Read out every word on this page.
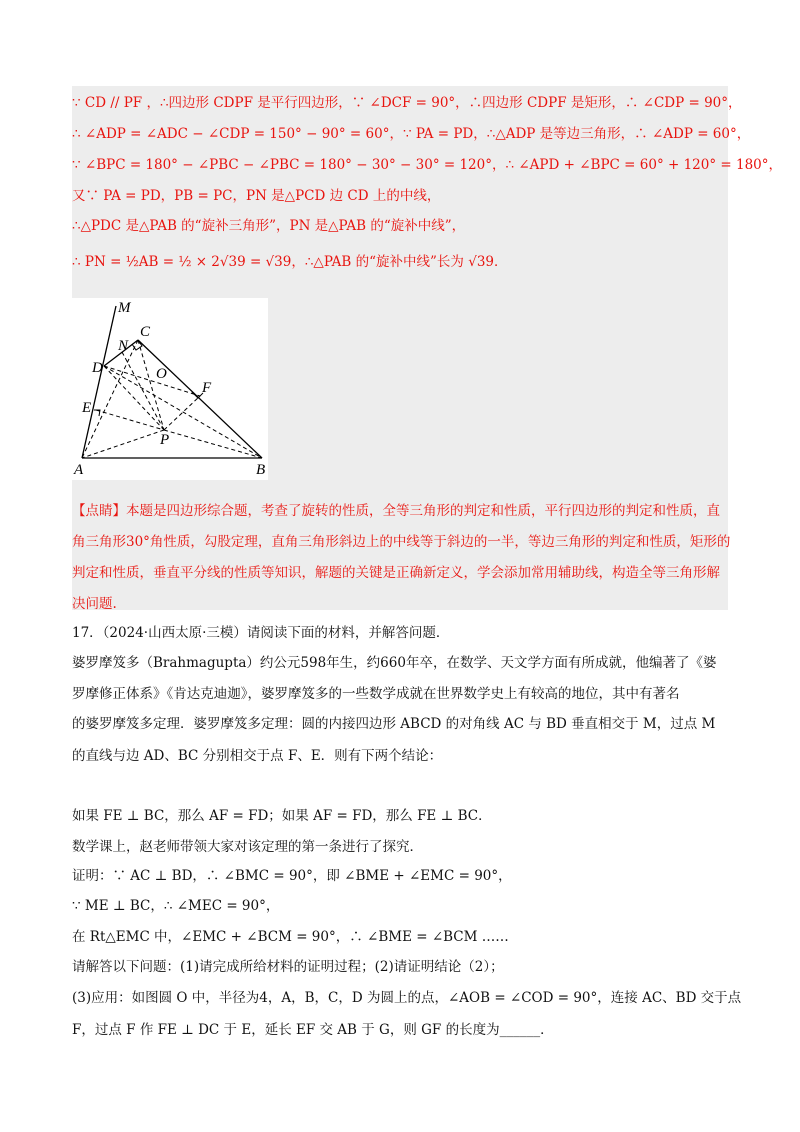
∵ CD // PF ，∴四边形 CDPF 是平行四边形，∵ ∠DCF = 90°，∴四边形 CDPF 是矩形，∴ ∠CDP = 90°，
∴ ∠ADP = ∠ADC − ∠CDP = 150° − 90° = 60°，∵ PA = PD，∴△ADP 是等边三角形，∴ ∠ADP = 60°，
∵ ∠BPC = 180° − ∠PBC − ∠PBC = 180° − 30° − 30° = 120°，∴ ∠APD + ∠BPC = 60° + 120° = 180°，
又∵ PA = PD，PB = PC，PN 是△PCD 边 CD 上的中线，
∴△PDC 是△PAB 的“旋补三角形”，PN 是△PAB 的“旋补中线”，
∴ PN = ½AB = ½ × 2√39 = √39，∴△PAB 的“旋补中线”长为 √39．
M
C
N
D	O
F
E
P
A	B
【点睛】本题是四边形综合题，考查了旋转的性质，全等三角形的判定和性质，平行四边形的判定和性质，直角三角形30°角性质，勾股定理，直角三角形斜边上的中线等于斜边的一半，等边三角形的判定和性质，矩形的判定和性质，垂直平分线的性质等知识，解题的关键是正确新定义，学会添加常用辅助线，构造全等三角形解决问题.
17．（2024·山西太原·三模）请阅读下面的材料，并解答问题．
婆罗摩笈多（Brahmagupta）约公元598年生，约660年卒，在数学、天文学方面有所成就，他编著了《婆
罗摩修正体系》《肯达克迪迦》，婆罗摩笈多的一些数学成就在世界数学史上有较高的地位，其中有著名
的婆罗摩笈多定理．婆罗摩笈多定理：圆的内接四边形 ABCD 的对角线 AC 与 BD 垂直相交于 M，过点 M
的直线与边 AD、BC 分别相交于点 F、E．则有下两个结论：
如果 FE ⊥ BC，那么 AF = FD；如果 AF = FD，那么 FE ⊥ BC．
数学课上，赵老师带领大家对该定理的第一条进行了探究．
证明：∵ AC ⊥ BD，∴ ∠BMC = 90°，即 ∠BME + ∠EMC = 90°，
∵ ME ⊥ BC，∴ ∠MEC = 90°，
在 Rt△EMC 中，∠EMC + ∠BCM = 90°，∴ ∠BME = ∠BCM ……
请解答以下问题：(1)请完成所给材料的证明过程；(2)请证明结论（2）；
(3)应用：如图圆 O 中，半径为4，A，B，C，D 为圆上的点，∠AOB = ∠COD = 90°，连接 AC、BD 交于点
F，过点 F 作 FE ⊥ DC 于 E，延长 EF 交 AB 于 G，则 GF 的长度为______．
